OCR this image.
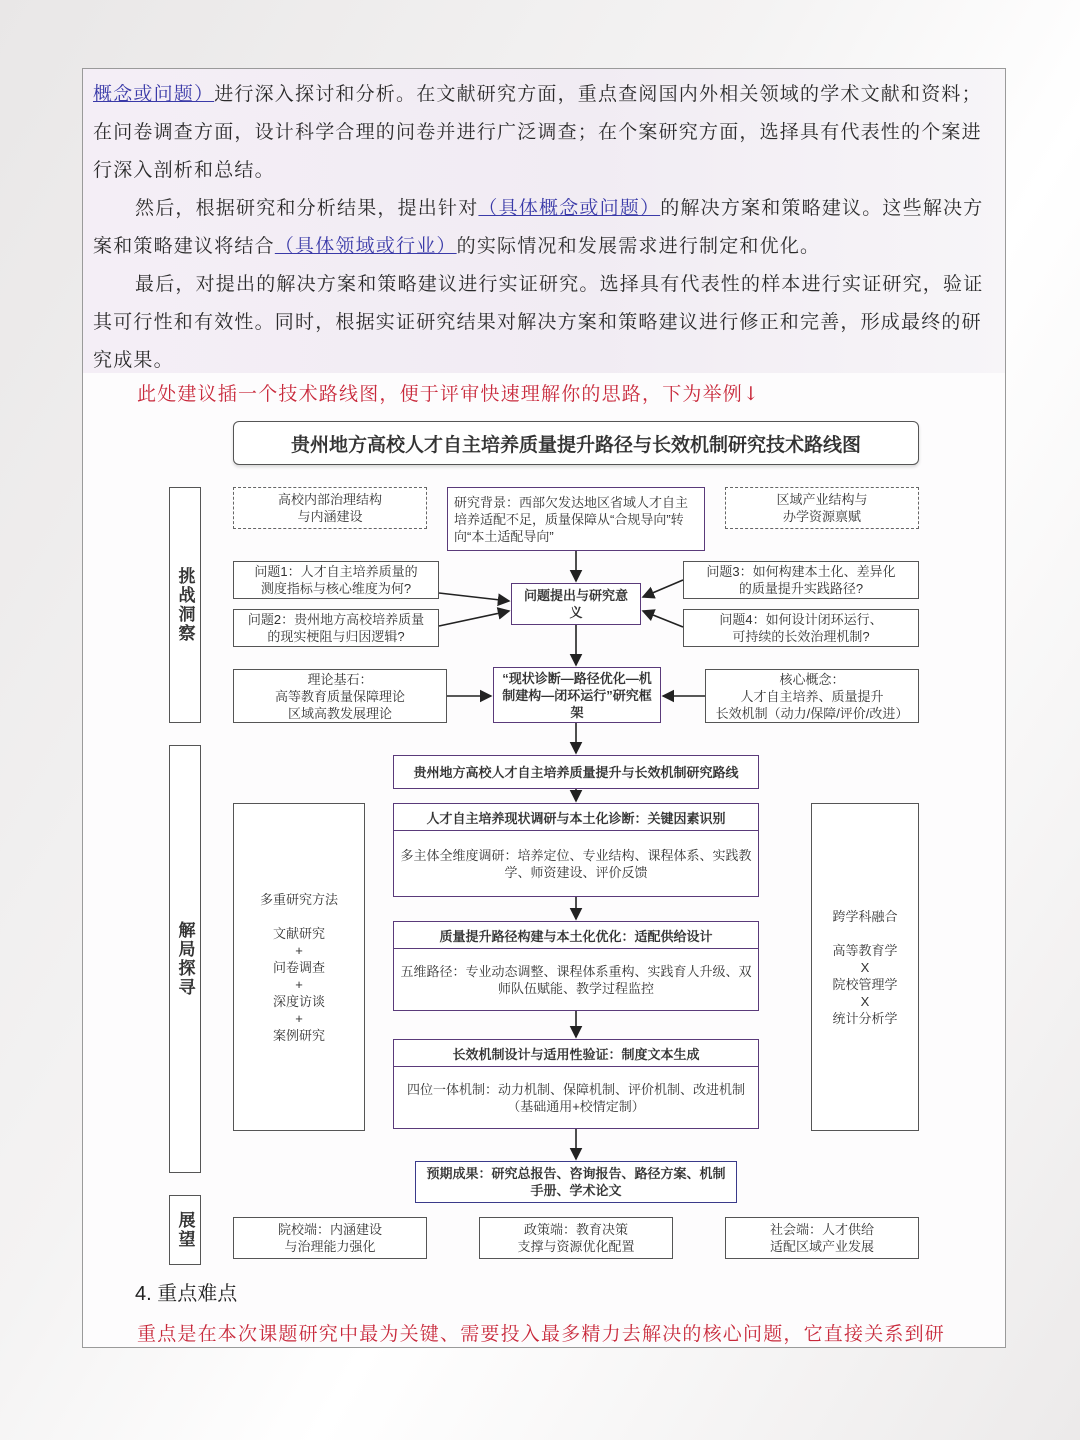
概念或问题）进行深入探讨和分析。在文献研究方面，重点查阅国内外相关领域的学术文献和资料；在问卷调查方面，设计科学合理的问卷并进行广泛调查；在个案研究方面，选择具有代表性的个案进行深入剖析和总结。

然后，根据研究和分析结果，提出针对（具体概念或问题）的解决方案和策略建议。这些解决方案和策略建议将结合（具体领域或行业）的实际情况和发展需求进行制定和优化。

最后，对提出的解决方案和策略建议进行实证研究。选择具有代表性的样本进行实证研究，验证其可行性和有效性。同时，根据实证研究结果对解决方案和策略建议进行修正和完善，形成最终的研究成果。

此处建议插一个技术路线图，便于评审快速理解你的思路，下为举例↓
贵州地方高校人才自主培养质量提升路径与长效机制研究技术路线图
挑战洞察
解局探寻
展望
高校内部治理结构
与内涵建设
研究背景：西部欠发达地区省域人才自主培养适配不足，质量保障从“合规导向”转向“本土适配导向”
区域产业结构与
办学资源禀赋
问题1：人才自主培养质量的
测度指标与核心维度为何?
问题2：贵州地方高校培养质量
的现实梗阻与归因逻辑?
问题3：如何构建本土化、差异化
的质量提升实践路径?
问题4：如何设计闭环运行、
可持续的长效治理机制?
问题提出与研究意义
理论基石：
高等教育质量保障理论
区域高教发展理论
“现状诊断—路径优化—机制建构—闭环运行”研究框架
核心概念：
人才自主培养、质量提升
长效机制（动力/保障/评价/改进）
贵州地方高校人才自主培养质量提升与长效机制研究路线
多重研究方法

文献研究
+
问卷调查
+
深度访谈
+
案例研究
跨学科融合

高等教育学
X
院校管理学
X
统计分析学
人才自主培养现状调研与本土化诊断：关键因素识别
多主体全维度调研：培养定位、专业结构、课程体系、实践教学、师资建设、评价反馈
质量提升路径构建与本土化优化：适配供给设计
五维路径：专业动态调整、课程体系重构、实践育人升级、双师队伍赋能、教学过程监控
长效机制设计与适用性验证：制度文本生成
四位一体机制：动力机制、保障机制、评价机制、改进机制
（基础通用+校情定制）
预期成果：研究总报告、咨询报告、路径方案、机制手册、学术论文
院校端：内涵建设
与治理能力强化
政策端：教育决策
支撑与资源优化配置
社会端：人才供给
适配区域产业发展
4. 重点难点
重点是在本次课题研究中最为关键、需要投入最多精力去解决的核心问题，它直接关系到研
